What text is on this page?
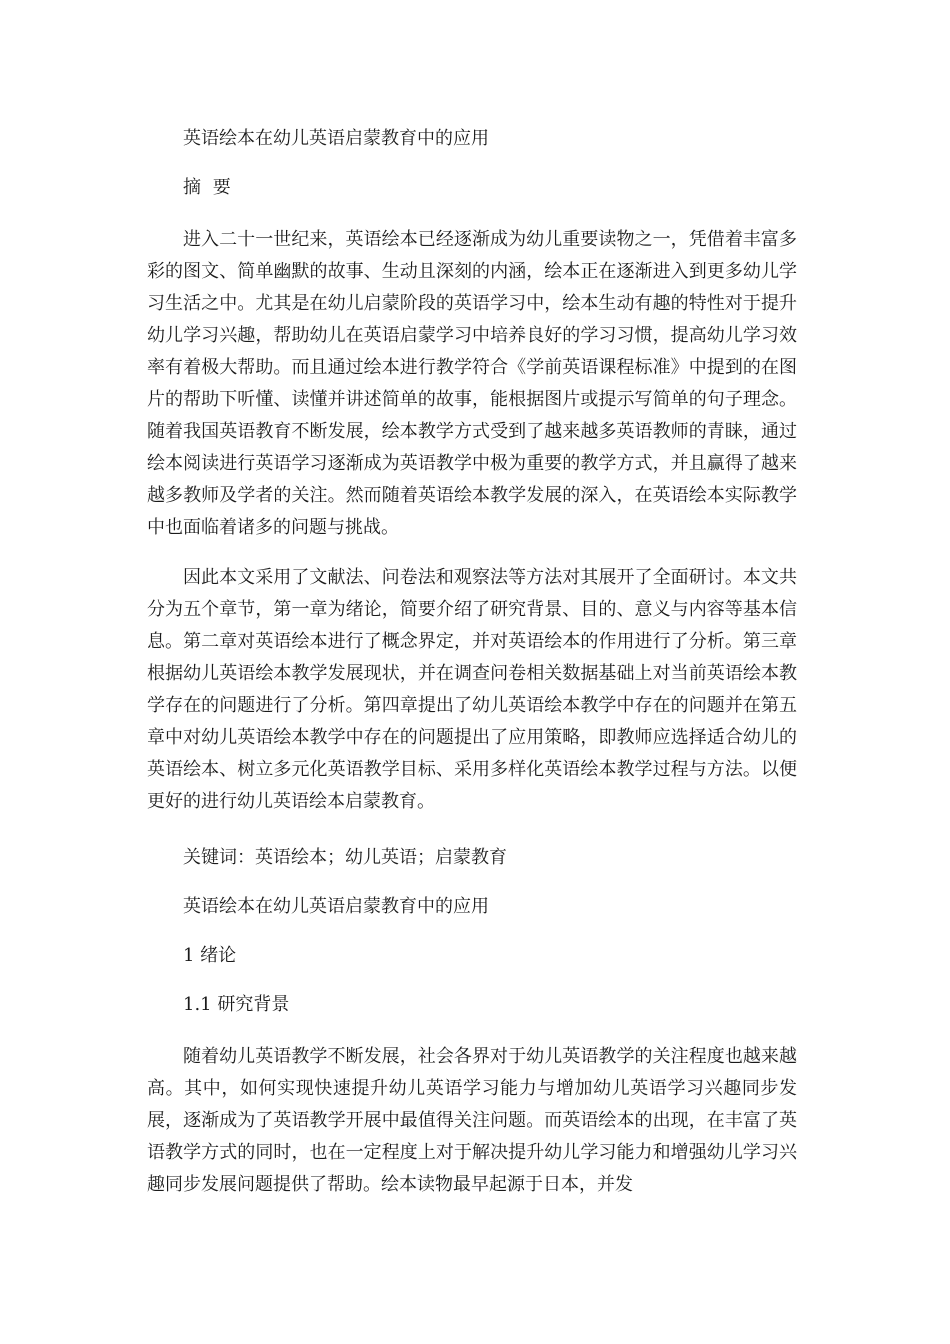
英语绘本在幼儿英语启蒙教育中的应用

摘 要

进入二十一世纪来，英语绘本已经逐渐成为幼儿重要读物之一，凭借着丰富多彩的图文、简单幽默的故事、生动且深刻的内涵，绘本正在逐渐进入到更多幼儿学习生活之中。尤其是在幼儿启蒙阶段的英语学习中，绘本生动有趣的特性对于提升幼儿学习兴趣，帮助幼儿在英语启蒙学习中培养良好的学习习惯，提高幼儿学习效率有着极大帮助。而且通过绘本进行教学符合《学前英语课程标准》中提到的在图片的帮助下听懂、读懂并讲述简单的故事，能根据图片或提示写简单的句子理念。随着我国英语教育不断发展，绘本教学方式受到了越来越多英语教师的青睐，通过绘本阅读进行英语学习逐渐成为英语教学中极为重要的教学方式，并且赢得了越来越多教师及学者的关注。然而随着英语绘本教学发展的深入，在英语绘本实际教学中也面临着诸多的问题与挑战。

因此本文采用了文献法、问卷法和观察法等方法对其展开了全面研讨。本文共分为五个章节，第一章为绪论，简要介绍了研究背景、目的、意义与内容等基本信息。第二章对英语绘本进行了概念界定，并对英语绘本的作用进行了分析。第三章根据幼儿英语绘本教学发展现状，并在调查问卷相关数据基础上对当前英语绘本教学存在的问题进行了分析。第四章提出了幼儿英语绘本教学中存在的问题并在第五章中对幼儿英语绘本教学中存在的问题提出了应用策略，即教师应选择适合幼儿的英语绘本、树立多元化英语教学目标、采用多样化英语绘本教学过程与方法。以便更好的进行幼儿英语绘本启蒙教育。

关键词：英语绘本；幼儿英语；启蒙教育

英语绘本在幼儿英语启蒙教育中的应用

1 绪论

1.1 研究背景

随着幼儿英语教学不断发展，社会各界对于幼儿英语教学的关注程度也越来越高。其中，如何实现快速提升幼儿英语学习能力与增加幼儿英语学习兴趣同步发展，逐渐成为了英语教学开展中最值得关注问题。而英语绘本的出现，在丰富了英语教学方式的同时，也在一定程度上对于解决提升幼儿学习能力和增强幼儿学习兴趣同步发展问题提供了帮助。绘本读物最早起源于日本，并发
